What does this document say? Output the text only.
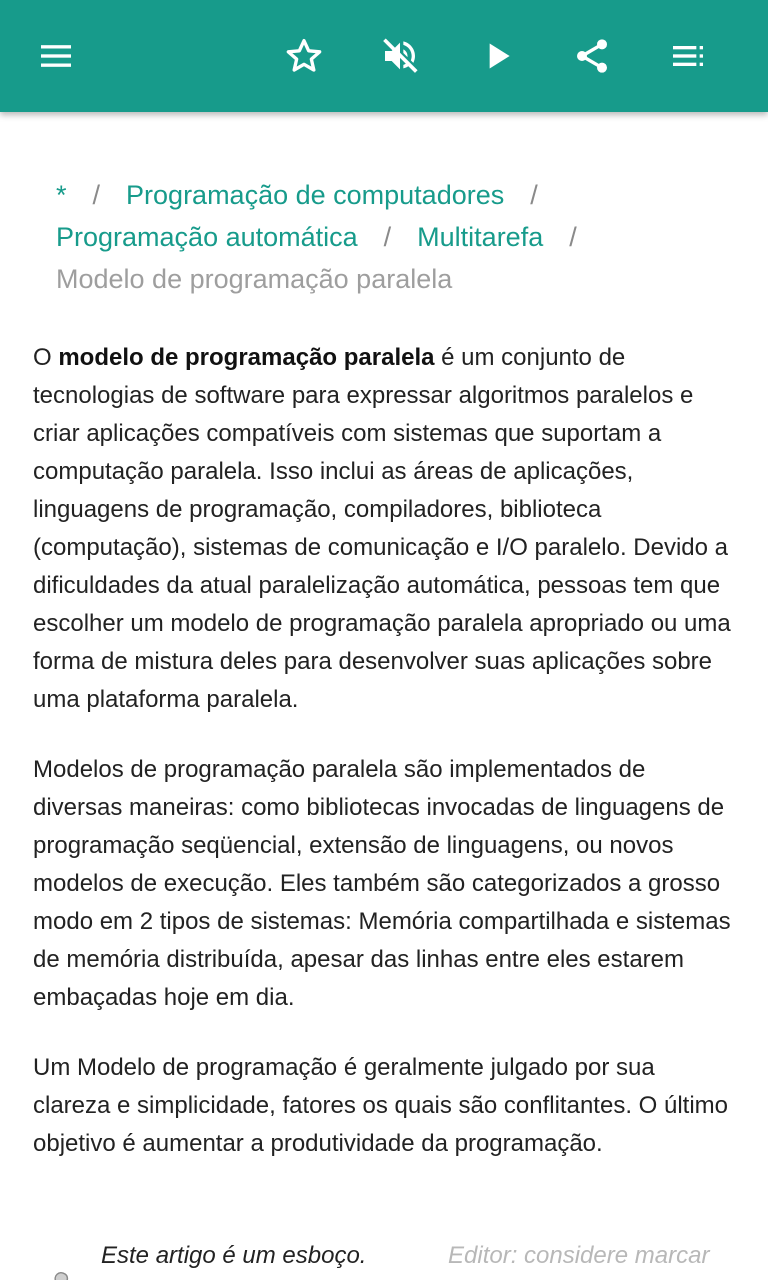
* / Programação de computadores /Programação automática / Multitarefa /Modelo de programação paralela

O modelo de programação paralela é um conjunto de tecnologias de software para expressar algoritmos paralelos e criar aplicações compatíveis com sistemas que suportam a computação paralela. Isso inclui as áreas de aplicações, linguagens de programação, compiladores, biblioteca (computação), sistemas de comunicação e I/O paralelo. Devido a dificuldades da atual paralelização automática, pessoas tem que escolher um modelo de programação paralela apropriado ou uma forma de mistura deles para desenvolver suas aplicações sobre uma plataforma paralela.

Modelos de programação paralela são implementados de diversas maneiras: como bibliotecas invocadas de linguagens de programação seqüencial, extensão de linguagens, ou novos modelos de execução. Eles também são categorizados a grosso modo em 2 tipos de sistemas: Memória compartilhada e sistemas de memória distribuída, apesar das linhas entre eles estarem embaçadas hoje em dia.

Um Modelo de programação é geralmente julgado por sua clareza e simplicidade, fatores os quais são conflitantes. O último objetivo é aumentar a produtividade da programação.

Este artigo é um esboço.	Editor: considere marcar
